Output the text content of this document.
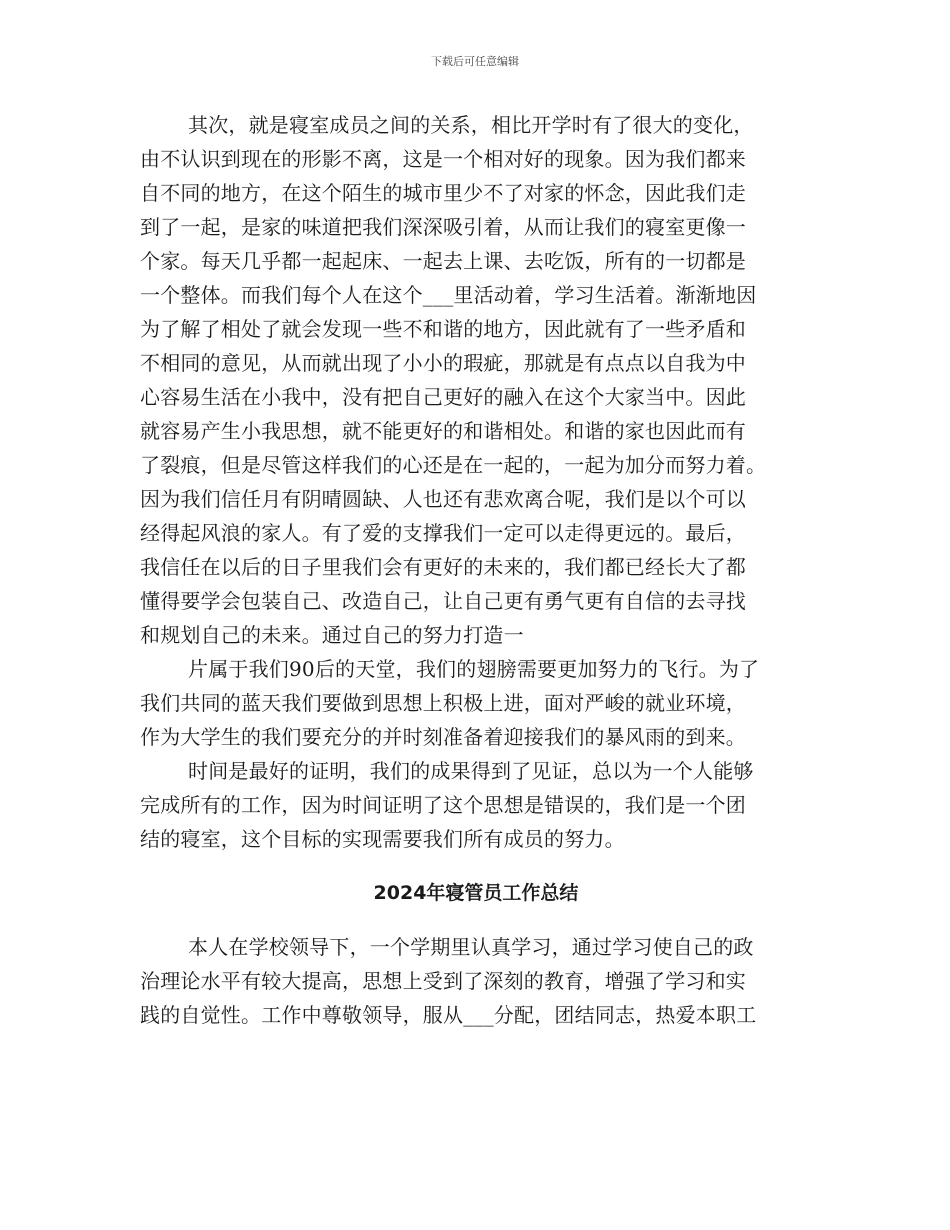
下载后可任意编辑
其次，就是寝室成员之间的关系，相比开学时有了很大的变化，
由不认识到现在的形影不离，这是一个相对好的现象。因为我们都来
自不同的地方，在这个陌生的城市里少不了对家的怀念，因此我们走
到了一起，是家的味道把我们深深吸引着，从而让我们的寝室更像一
个家。每天几乎都一起起床、一起去上课、去吃饭，所有的一切都是
一个整体。而我们每个人在这个___里活动着，学习生活着。渐渐地因
为了解了相处了就会发现一些不和谐的地方，因此就有了一些矛盾和
不相同的意见，从而就出现了小小的瑕疵，那就是有点点以自我为中
心容易生活在小我中，没有把自己更好的融入在这个大家当中。因此
就容易产生小我思想，就不能更好的和谐相处。和谐的家也因此而有
了裂痕，但是尽管这样我们的心还是在一起的，一起为加分而努力着。
因为我们信任月有阴晴圆缺、人也还有悲欢离合呢，我们是以个可以
经得起风浪的家人。有了爱的支撑我们一定可以走得更远的。最后，
我信任在以后的日子里我们会有更好的未来的，我们都已经长大了都
懂得要学会包装自己、改造自己，让自己更有勇气更有自信的去寻找
和规划自己的未来。通过自己的努力打造一
片属于我们90后的天堂，我们的翅膀需要更加努力的飞行。为了
我们共同的蓝天我们要做到思想上积极上进，面对严峻的就业环境，
作为大学生的我们要充分的并时刻准备着迎接我们的暴风雨的到来。
时间是最好的证明，我们的成果得到了见证，总以为一个人能够
完成所有的工作，因为时间证明了这个思想是错误的，我们是一个团
结的寝室，这个目标的实现需要我们所有成员的努力。
2024年寝管员工作总结
本人在学校领导下，一个学期里认真学习，通过学习使自己的政
治理论水平有较大提高，思想上受到了深刻的教育，增强了学习和实
践的自觉性。工作中尊敬领导，服从___分配，团结同志，热爱本职工
